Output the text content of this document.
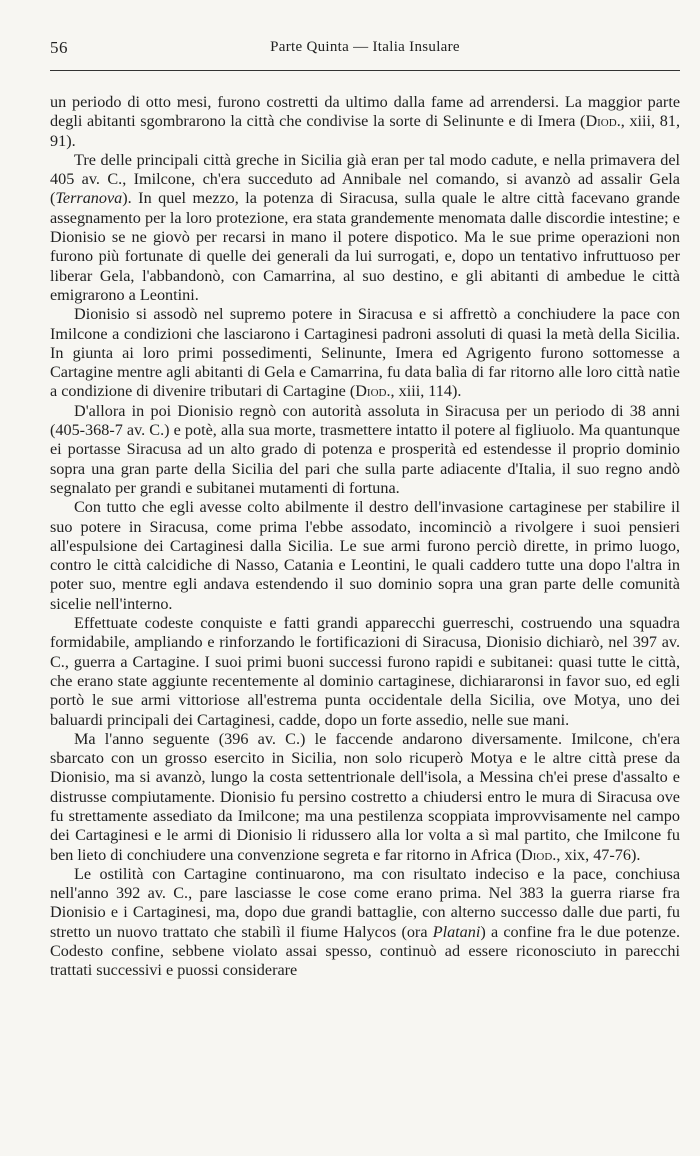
56	Parte Quinta — Italia Insulare

un periodo di otto mesi, furono costretti da ultimo dalla fame ad arrendersi. La maggior parte degli abitanti sgombrarono la città che condivise la sorte di Selinunte e di Imera (Diod., xiii, 81, 91).

Tre delle principali città greche in Sicilia già eran per tal modo cadute, e nella primavera del 405 av. C., Imilcone, ch'era succeduto ad Annibale nel comando, si avanzò ad assalir Gela (Terranova). In quel mezzo, la potenza di Siracusa, sulla quale le altre città facevano grande assegnamento per la loro protezione, era stata grandemente menomata dalle discordie intestine; e Dionisio se ne giovò per recarsi in mano il potere dispotico. Ma le sue prime operazioni non furono più fortunate di quelle dei generali da lui surrogati, e, dopo un tentativo infruttuoso per liberar Gela, l'abbandonò, con Camarrina, al suo destino, e gli abitanti di ambedue le città emigrarono a Leontini.

Dionisio si assodò nel supremo potere in Siracusa e si affrettò a conchiudere la pace con Imilcone a condizioni che lasciarono i Cartaginesi padroni assoluti di quasi la metà della Sicilia. In giunta ai loro primi possedimenti, Selinunte, Imera ed Agrigento furono sottomesse a Cartagine mentre agli abitanti di Gela e Camarrina, fu data balìa di far ritorno alle loro città natìe a condizione di divenire tributari di Cartagine (Diod., xiii, 114).

D'allora in poi Dionisio regnò con autorità assoluta in Siracusa per un periodo di 38 anni (405-368-7 av. C.) e potè, alla sua morte, trasmettere intatto il potere al figliuolo. Ma quantunque ei portasse Siracusa ad un alto grado di potenza e prosperità ed estendesse il proprio dominio sopra una gran parte della Sicilia del pari che sulla parte adiacente d'Italia, il suo regno andò segnalato per grandi e subitanei mutamenti di fortuna.

Con tutto che egli avesse colto abilmente il destro dell'invasione cartaginese per stabilire il suo potere in Siracusa, come prima l'ebbe assodato, incominciò a rivolgere i suoi pensieri all'espulsione dei Cartaginesi dalla Sicilia. Le sue armi furono perciò dirette, in primo luogo, contro le città calcidiche di Nasso, Catania e Leontini, le quali caddero tutte una dopo l'altra in poter suo, mentre egli andava estendendo il suo dominio sopra una gran parte delle comunità sicelie nell'interno.

Effettuate codeste conquiste e fatti grandi apparecchi guerreschi, costruendo una squadra formidabile, ampliando e rinforzando le fortificazioni di Siracusa, Dionisio dichiarò, nel 397 av. C., guerra a Cartagine. I suoi primi buoni successi furono rapidi e subitanei: quasi tutte le città, che erano state aggiunte recentemente al dominio cartaginese, dichiararonsi in favor suo, ed egli portò le sue armi vittoriose all'estrema punta occidentale della Sicilia, ove Motya, uno dei baluardi principali dei Cartaginesi, cadde, dopo un forte assedio, nelle sue mani.

Ma l'anno seguente (396 av. C.) le faccende andarono diversamente. Imilcone, ch'era sbarcato con un grosso esercito in Sicilia, non solo ricuperò Motya e le altre città prese da Dionisio, ma si avanzò, lungo la costa settentrionale dell'isola, a Messina ch'ei prese d'assalto e distrusse compiutamente. Dionisio fu persino costretto a chiudersi entro le mura di Siracusa ove fu strettamente assediato da Imilcone; ma una pestilenza scoppiata improvvisamente nel campo dei Cartaginesi e le armi di Dionisio li ridussero alla lor volta a sì mal partito, che Imilcone fu ben lieto di conchiudere una convenzione segreta e far ritorno in Africa (Diod., xix, 47-76).

Le ostilità con Cartagine continuarono, ma con risultato indeciso e la pace, conchiusa nell'anno 392 av. C., pare lasciasse le cose come erano prima. Nel 383 la guerra riarse fra Dionisio e i Cartaginesi, ma, dopo due grandi battaglie, con alterno successo dalle due parti, fu stretto un nuovo trattato che stabilì il fiume Halycos (ora Platani) a confine fra le due potenze. Codesto confine, sebbene violato assai spesso, continuò ad essere riconosciuto in parecchi trattati successivi e puossi considerare
